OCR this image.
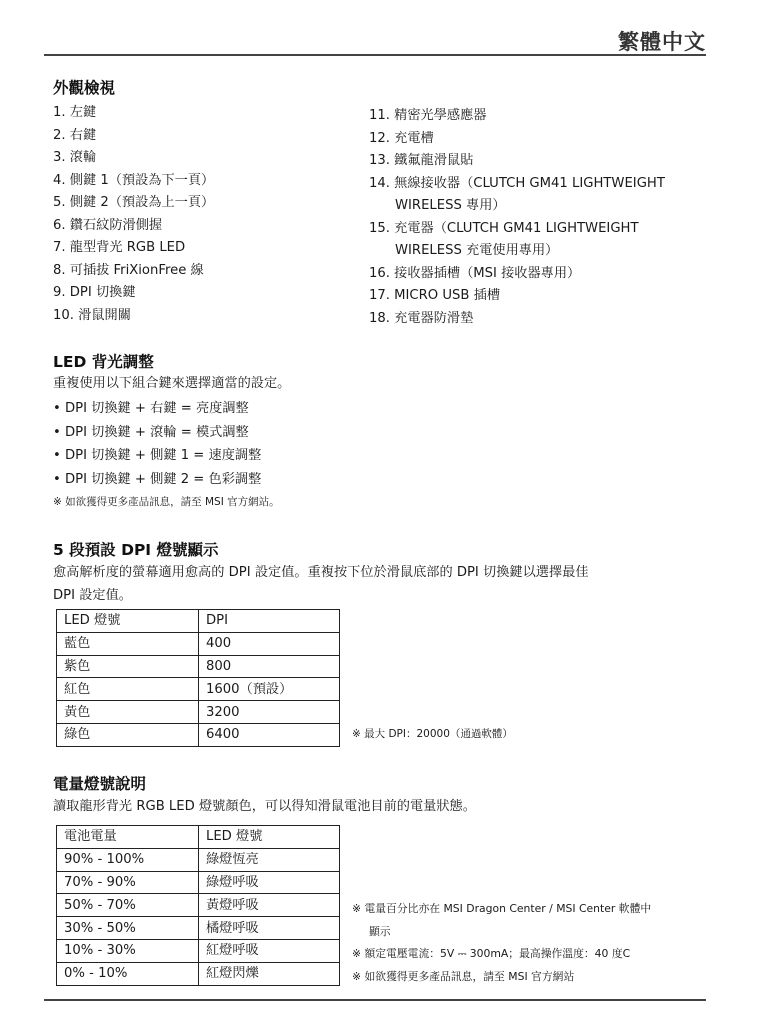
繁體中文
外觀檢視
1. 左鍵
2. 右鍵
3. 滾輪
4. 側鍵 1（預設為下一頁）
5. 側鍵 2（預設為上一頁）
6. 鑽石紋防滑側握
7. 龍型背光 RGB LED
8. 可插拔 FriXionFree 線
9. DPI 切換鍵
10. 滑鼠開關
11. 精密光學感應器
12. 充電槽
13. 鐵氟龍滑鼠貼
14. 無線接收器（CLUTCH GM41 LIGHTWEIGHT
WIRELESS 專用）
15. 充電器（CLUTCH GM41 LIGHTWEIGHT
WIRELESS 充電使用專用）
16. 接收器插槽（MSI 接收器專用）
17. MICRO USB 插槽
18. 充電器防滑墊
LED 背光調整

重複使用以下組合鍵來選擇適當的設定。

• DPI 切換鍵 + 右鍵 = 亮度調整
• DPI 切換鍵 + 滾輪 = 模式調整
• DPI 切換鍵 + 側鍵 1 = 速度調整
• DPI 切換鍵 + 側鍵 2 = 色彩調整
※ 如欲獲得更多產品訊息，請至 MSI 官方網站。
5 段預設 DPI 燈號顯示

愈高解析度的螢幕適用愈高的 DPI 設定值。重複按下位於滑鼠底部的 DPI 切換鍵以選擇最佳

DPI 設定值。

LED 燈號	DPI
藍色	400
紫色	800
紅色	1600（預設）
黃色	3200
綠色	6400	※ 最大 DPI：20000（通過軟體）
電量燈號說明

讀取龍形背光 RGB LED 燈號顏色，可以得知滑鼠電池目前的電量狀態。

電池電量	LED 燈號
90% - 100%	綠燈恆亮
70% - 90%	綠燈呼吸
50% - 70%	黃燈呼吸
30% - 50%	橘燈呼吸
10% - 30%	紅燈呼吸
0% - 10%	紅燈閃爍
※ 電量百分比亦在 MSI Dragon Center / MSI Center 軟體中
顯示
※ 額定電壓電流：5V ⎓ 300mA；最高操作溫度：40 度C
※ 如欲獲得更多產品訊息，請至 MSI 官方網站
